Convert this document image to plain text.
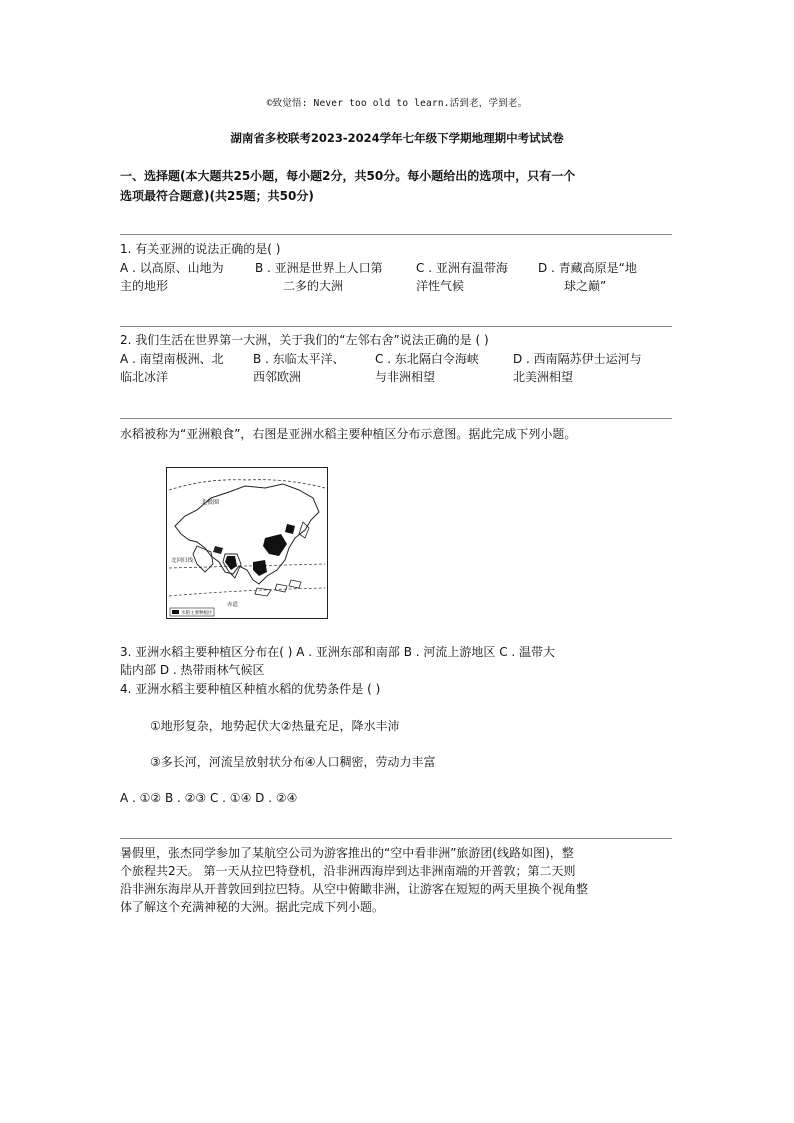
©致觉悟: Never too old to learn.活到老，学到老。
湖南省多校联考2023-2024学年七年级下学期地理期中考试试卷
一、选择题(本大题共25小题，每小题2分，共50分。每小题给出的选项中，只有一个
选项最符合题意)(共25题；共50分)
1. 有关亚洲的说法正确的是( )
A . 以高原、山地为
主的地形
B . 亚洲是世界上人口第
二多的大洲
C . 亚洲有温带海
洋性气候
D . 青藏高原是“地
球之巅”
2. 我们生活在世界第一大洲，关于我们的“左邻右舍”说法正确的是 ( )
A . 南望南极洲、北
临北冰洋
B . 东临太平洋、
西邻欧洲
C . 东北隔白令海峡
与非洲相望
D . 西南隔苏伊士运河与
北美洲相望
水稻被称为“亚洲粮食”，右图是亚洲水稻主要种植区分布示意图。据此完成下列小题。
北极圈
北回归线
赤道
水稻主要种植区
3. 亚洲水稻主要种植区分布在( ) A . 亚洲东部和南部 B . 河流上游地区 C . 温带大
陆内部 D . 热带雨林气候区
4. 亚洲水稻主要种植区种植水稻的优势条件是 ( )
①地形复杂，地势起伏大②热量充足，降水丰沛
③多长河，河流呈放射状分布④人口稠密，劳动力丰富
A . ①② B . ②③ C . ①④ D . ②④
暑假里，张杰同学参加了某航空公司为游客推出的“空中看非洲”旅游团(线路如图)，整
个旅程共2天。 第一天从拉巴特登机，沿非洲西海岸到达非洲南端的开普敦；第二天则
沿非洲东海岸从开普敦回到拉巴特。从空中俯瞰非洲，让游客在短短的两天里换个视角整
体了解这个充满神秘的大洲。据此完成下列小题。
